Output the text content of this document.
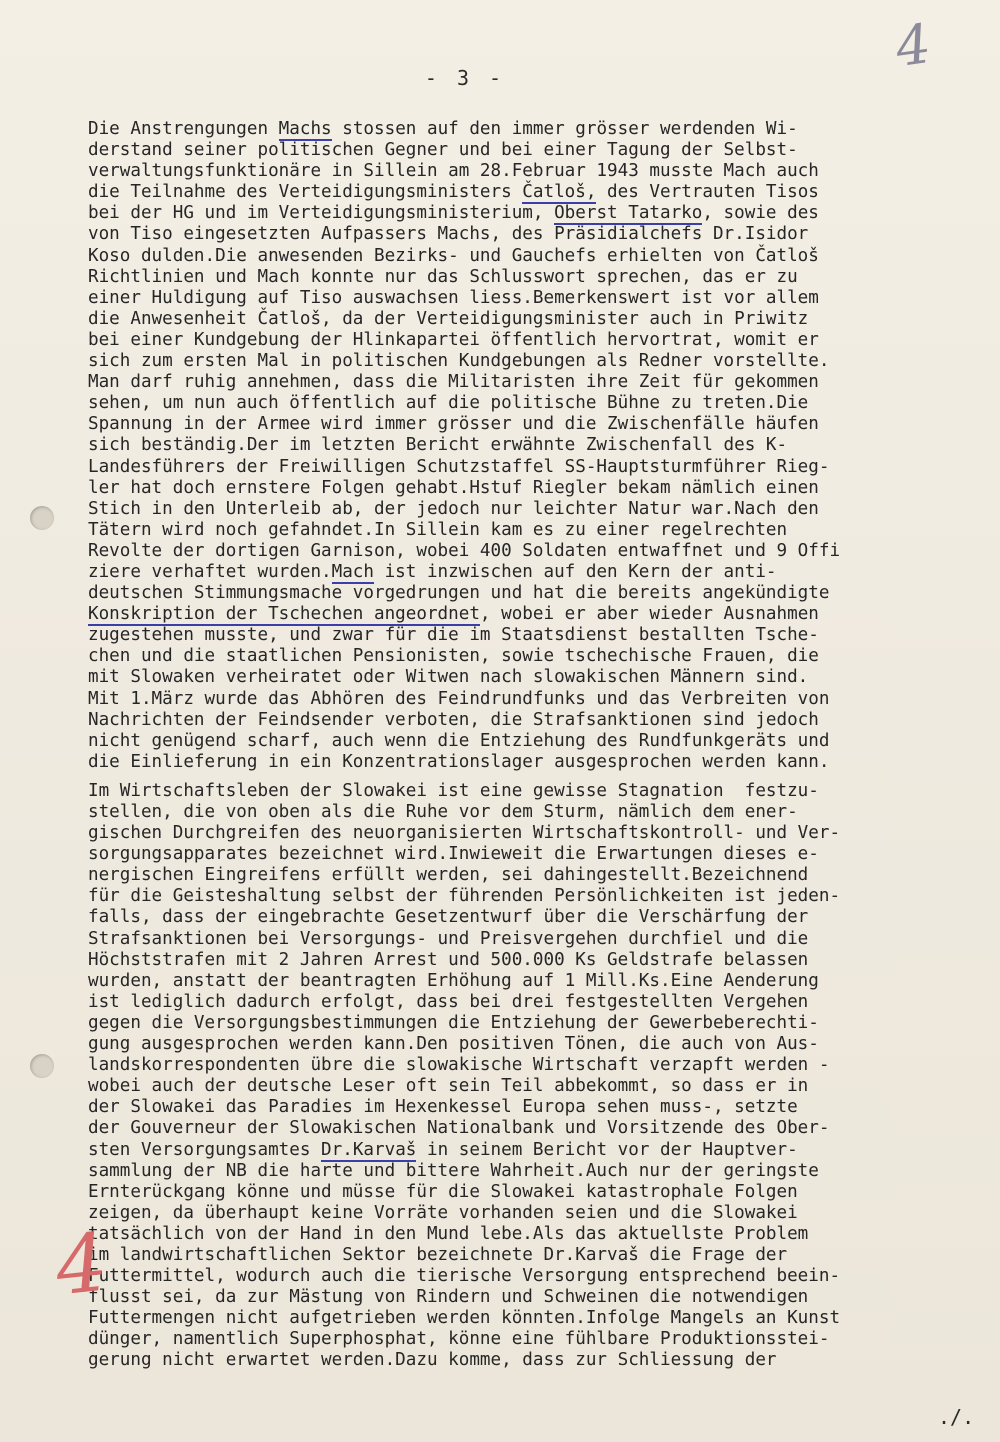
4
- 3 -
Die Anstrengungen Machs stossen auf den immer grösser werdenden Wi-
derstand seiner politischen Gegner und bei einer Tagung der Selbst-
verwaltungsfunktionäre in Sillein am 28.Februar 1943 musste Mach auch
die Teilnahme des Verteidigungsministers Čatloš, des Vertrauten Tisos
bei der HG und im Verteidigungsministerium, Oberst Tatarko, sowie des
von Tiso eingesetzten Aufpassers Machs, des Präsidialchefs Dr.Isidor
Koso dulden.Die anwesenden Bezirks- und Gauchefs erhielten von Čatloš
Richtlinien und Mach konnte nur das Schlusswort sprechen, das er zu
einer Huldigung auf Tiso auswachsen liess.Bemerkenswert ist vor allem
die Anwesenheit Čatloš, da der Verteidigungsminister auch in Priwitz
bei einer Kundgebung der Hlinkapartei öffentlich hervortrat, womit er
sich zum ersten Mal in politischen Kundgebungen als Redner vorstellte.
Man darf ruhig annehmen, dass die Militaristen ihre Zeit für gekommen
sehen, um nun auch öffentlich auf die politische Bühne zu treten.Die
Spannung in der Armee wird immer grösser und die Zwischenfälle häufen
sich beständig.Der im letzten Bericht erwähnte Zwischenfall des K-
Landesführers der Freiwilligen Schutzstaffel SS-Hauptsturmführer Rieg-
ler hat doch ernstere Folgen gehabt.Hstuf Riegler bekam nämlich einen
Stich in den Unterleib ab, der jedoch nur leichter Natur war.Nach den
Tätern wird noch gefahndet.In Sillein kam es zu einer regelrechten
Revolte der dortigen Garnison, wobei 400 Soldaten entwaffnet und 9 Offi
ziere verhaftet wurden.Mach ist inzwischen auf den Kern der anti-
deutschen Stimmungsmache vorgedrungen und hat die bereits angekündigte
Konskription der Tschechen angeordnet, wobei er aber wieder Ausnahmen
zugestehen musste, und zwar für die im Staatsdienst bestallten Tsche-
chen und die staatlichen Pensionisten, sowie tschechische Frauen, die
mit Slowaken verheiratet oder Witwen nach slowakischen Männern sind.
Mit 1.März wurde das Abhören des Feindrundfunks und das Verbreiten von
Nachrichten der Feindsender verboten, die Strafsanktionen sind jedoch
nicht genügend scharf, auch wenn die Entziehung des Rundfunkgeräts und
die Einlieferung in ein Konzentrationslager ausgesprochen werden kann.
Im Wirtschaftsleben der Slowakei ist eine gewisse Stagnation  festzu-
stellen, die von oben als die Ruhe vor dem Sturm, nämlich dem ener-
gischen Durchgreifen des neuorganisierten Wirtschaftskontroll- und Ver-
sorgungsapparates bezeichnet wird.Inwieweit die Erwartungen dieses e-
nergischen Eingreifens erfüllt werden, sei dahingestellt.Bezeichnend
für die Geisteshaltung selbst der führenden Persönlichkeiten ist jeden-
falls, dass der eingebrachte Gesetzentwurf über die Verschärfung der
Strafsanktionen bei Versorgungs- und Preisvergehen durchfiel und die
Höchststrafen mit 2 Jahren Arrest und 500.000 Ks Geldstrafe belassen
wurden, anstatt der beantragten Erhöhung auf 1 Mill.Ks.Eine Aenderung
ist lediglich dadurch erfolgt, dass bei drei festgestellten Vergehen
gegen die Versorgungsbestimmungen die Entziehung der Gewerbeberechti-
gung ausgesprochen werden kann.Den positiven Tönen, die auch von Aus-
landskorrespondenten übre die slowakische Wirtschaft verzapft werden -
wobei auch der deutsche Leser oft sein Teil abbekommt, so dass er in
der Slowakei das Paradies im Hexenkessel Europa sehen muss-, setzte
der Gouverneur der Slowakischen Nationalbank und Vorsitzende des Ober-
sten Versorgungsamtes Dr.Karvaš in seinem Bericht vor der Hauptver-
sammlung der NB die harte und bittere Wahrheit.Auch nur der geringste
Ernterückgang könne und müsse für die Slowakei katastrophale Folgen
zeigen, da überhaupt keine Vorräte vorhanden seien und die Slowakei
tatsächlich von der Hand in den Mund lebe.Als das aktuellste Problem
im landwirtschaftlichen Sektor bezeichnete Dr.Karvaš die Frage der
Futtermittel, wodurch auch die tierische Versorgung entsprechend beein-
flusst sei, da zur Mästung von Rindern und Schweinen die notwendigen
Futtermengen nicht aufgetrieben werden könnten.Infolge Mangels an Kunst
dünger, namentlich Superphosphat, könne eine fühlbare Produktionsstei-
gerung nicht erwartet werden.Dazu komme, dass zur Schliessung der
4
./.
